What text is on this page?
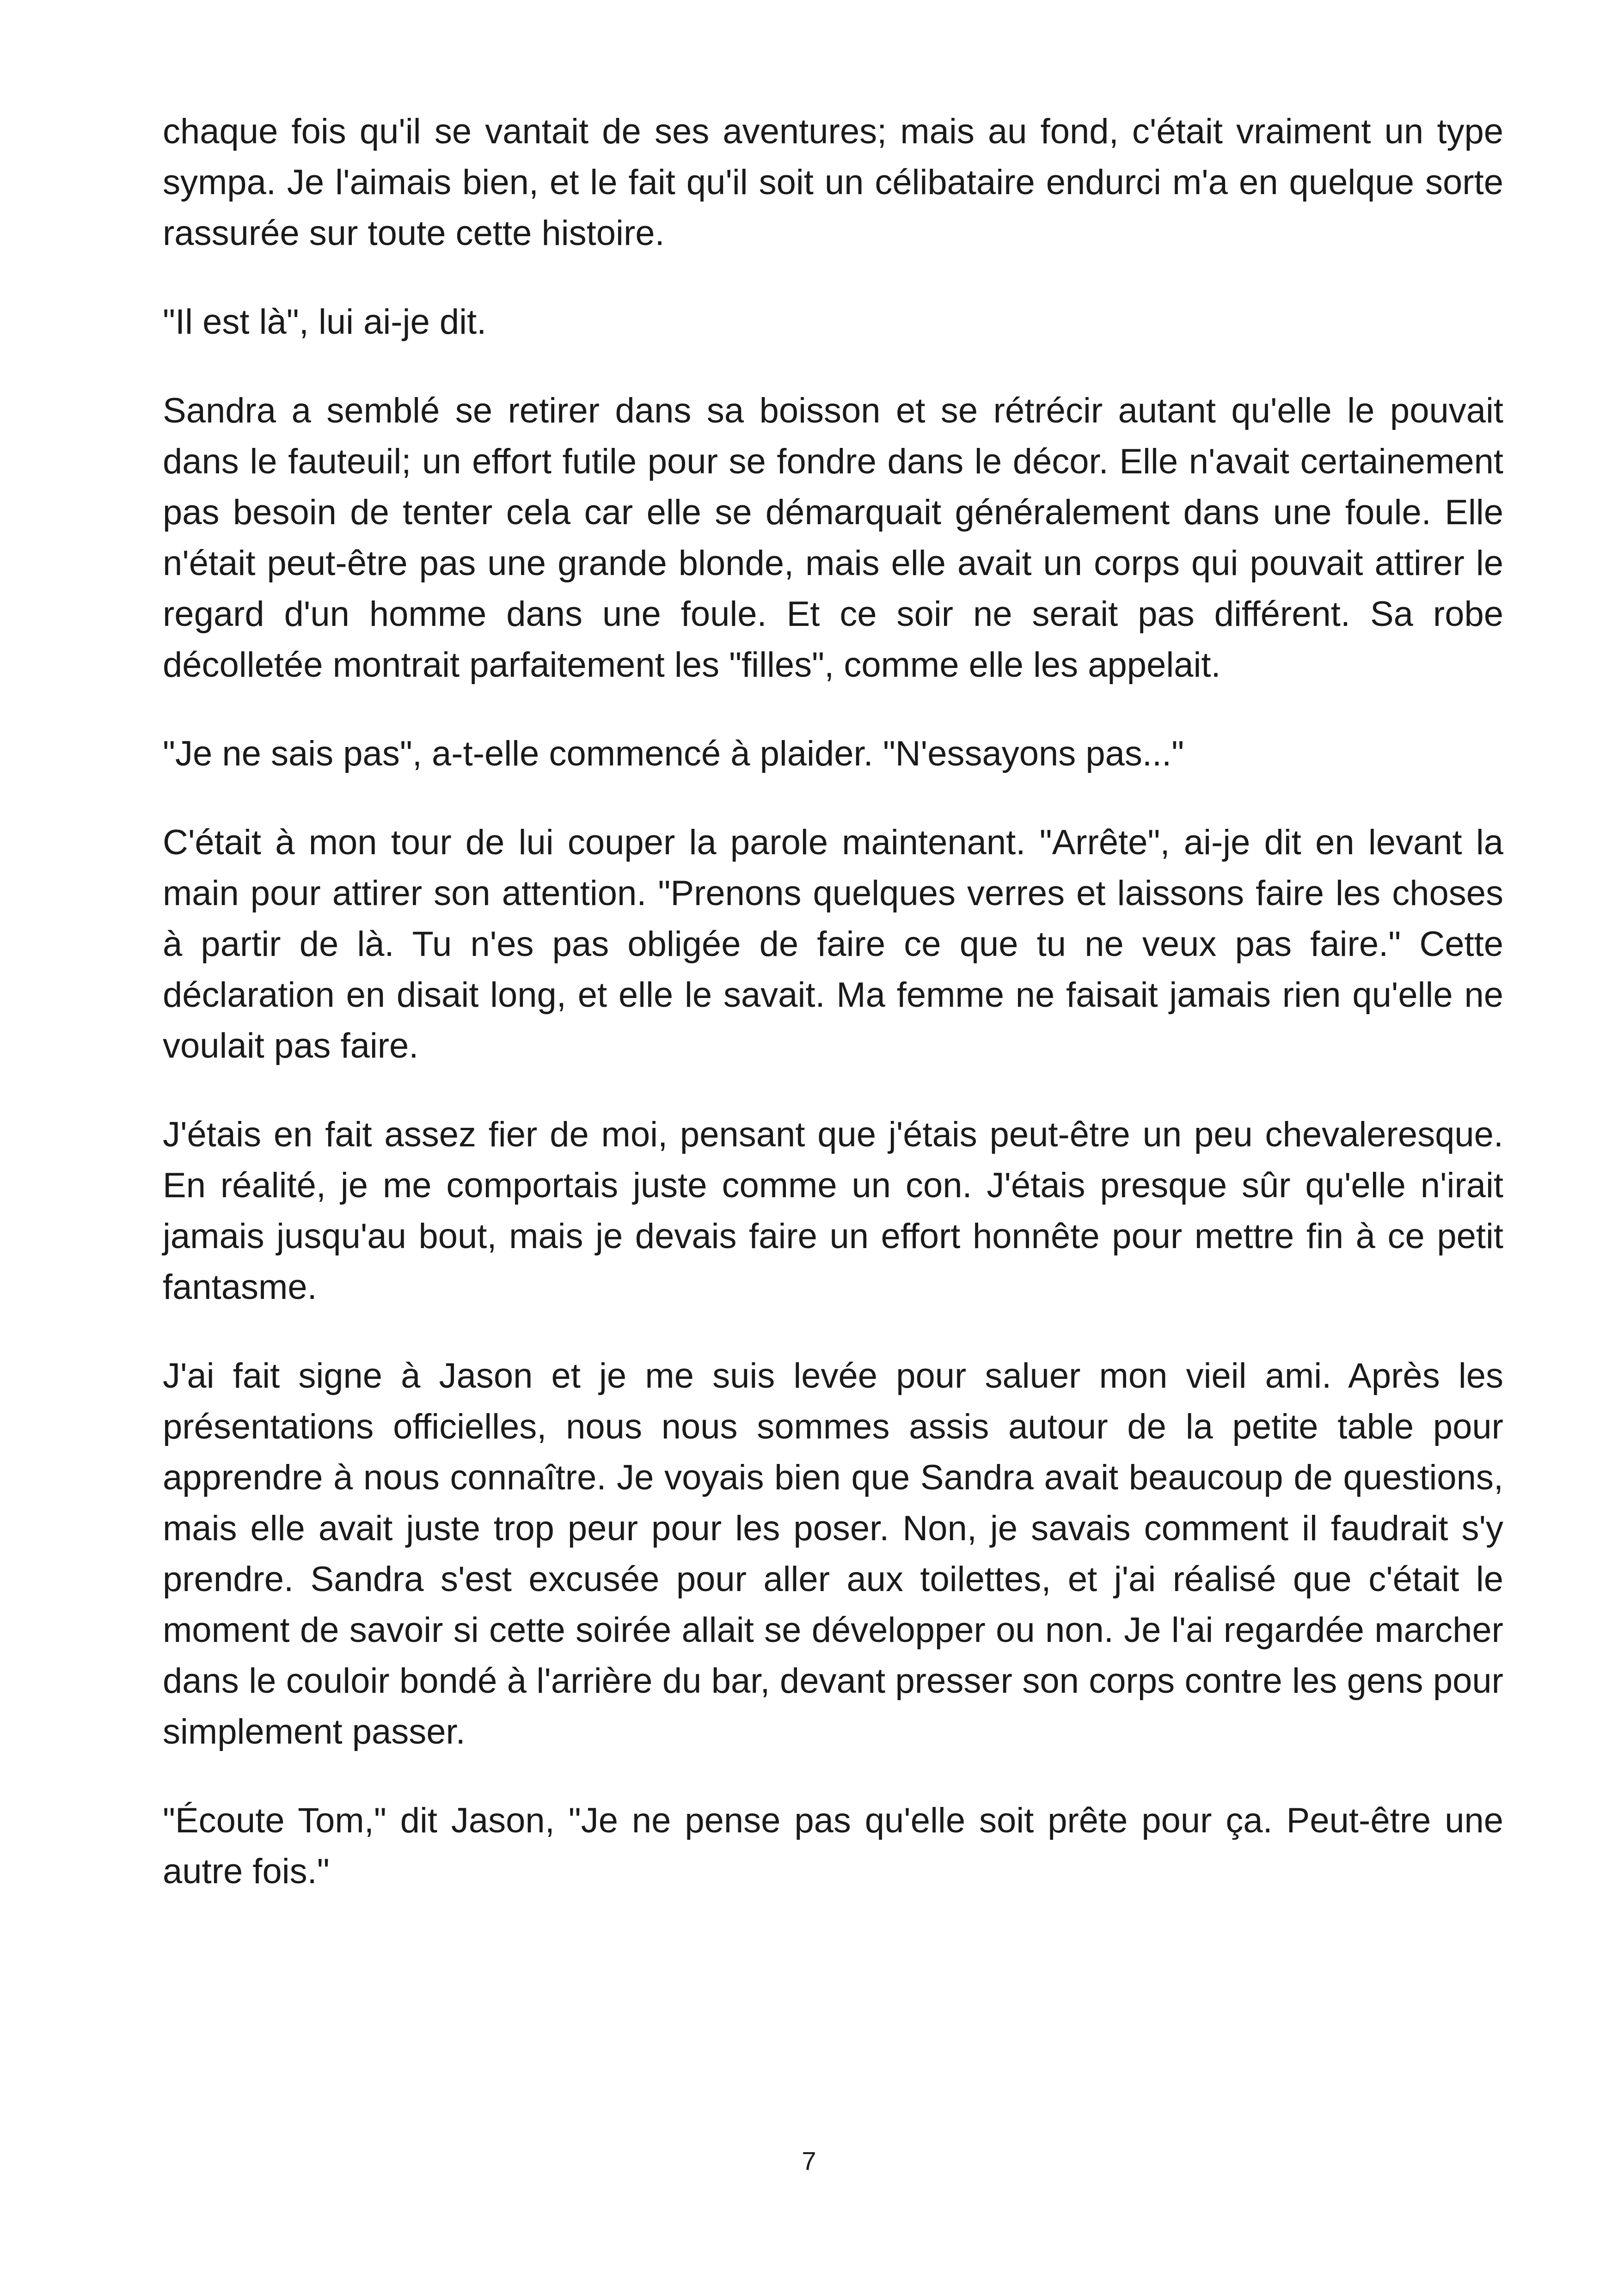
chaque fois qu'il se vantait de ses aventures; mais au fond, c'était vraiment un type sympa. Je l'aimais bien, et le fait qu'il soit un célibataire endurci m'a en quelque sorte rassurée sur toute cette histoire.

"Il est là", lui ai-je dit.

Sandra a semblé se retirer dans sa boisson et se rétrécir autant qu'elle le pouvait dans le fauteuil; un effort futile pour se fondre dans le décor. Elle n'avait certainement pas besoin de tenter cela car elle se démarquait généralement dans une foule. Elle n'était peut-être pas une grande blonde, mais elle avait un corps qui pouvait attirer le regard d'un homme dans une foule. Et ce soir ne serait pas différent. Sa robe décolletée montrait parfaitement les "filles", comme elle les appelait.

"Je ne sais pas", a-t-elle commencé à plaider. "N'essayons pas..."

C'était à mon tour de lui couper la parole maintenant. "Arrête", ai-je dit en levant la main pour attirer son attention. "Prenons quelques verres et laissons faire les choses à partir de là. Tu n'es pas obligée de faire ce que tu ne veux pas faire." Cette déclaration en disait long, et elle le savait. Ma femme ne faisait jamais rien qu'elle ne voulait pas faire.

J'étais en fait assez fier de moi, pensant que j'étais peut-être un peu chevaleresque. En réalité, je me comportais juste comme un con. J'étais presque sûr qu'elle n'irait jamais jusqu'au bout, mais je devais faire un effort honnête pour mettre fin à ce petit fantasme.

J'ai fait signe à Jason et je me suis levée pour saluer mon vieil ami. Après les présentations officielles, nous nous sommes assis autour de la petite table pour apprendre à nous connaître. Je voyais bien que Sandra avait beaucoup de questions, mais elle avait juste trop peur pour les poser. Non, je savais comment il faudrait s'y prendre. Sandra s'est excusée pour aller aux toilettes, et j'ai réalisé que c'était le moment de savoir si cette soirée allait se développer ou non. Je l'ai regardée marcher dans le couloir bondé à l'arrière du bar, devant presser son corps contre les gens pour simplement passer.

"Écoute Tom," dit Jason, "Je ne pense pas qu'elle soit prête pour ça. Peut-être une autre fois."

7
